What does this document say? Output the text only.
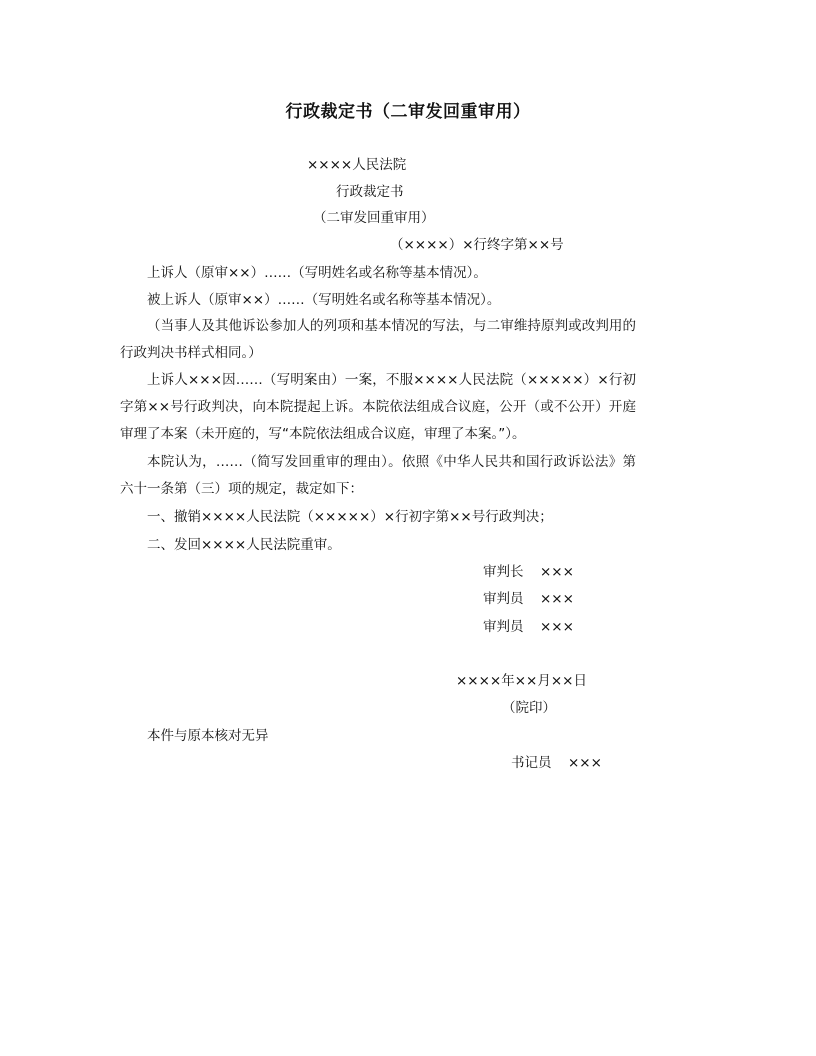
行政裁定书（二审发回重审用）
××××人民法院
行政裁定书
（二审发回重审用）
（××××）×行终字第××号
上诉人（原审××）……（写明姓名或名称等基本情况）。
被上诉人（原审××）……（写明姓名或名称等基本情况）。
（当事人及其他诉讼参加人的列项和基本情况的写法，与二审维持原判或改判用的行政判决书样式相同。）
上诉人×××因……（写明案由）一案，不服××××人民法院（×××××）×行初字第××号行政判决，向本院提起上诉。本院依法组成合议庭，公开（或不公开）开庭审理了本案（未开庭的，写“本院依法组成合议庭，审理了本案。”）。
本院认为，……（简写发回重审的理由）。依照《中华人民共和国行政诉讼法》第六十一条第（三）项的规定，裁定如下：
一、撤销××××人民法院（×××××）×行初字第××号行政判决；
二、发回××××人民法院重审。
审判长 ×××
审判员 ×××
审判员 ×××
××××年××月××日
（院印）
本件与原本核对无异
书记员 ×××
